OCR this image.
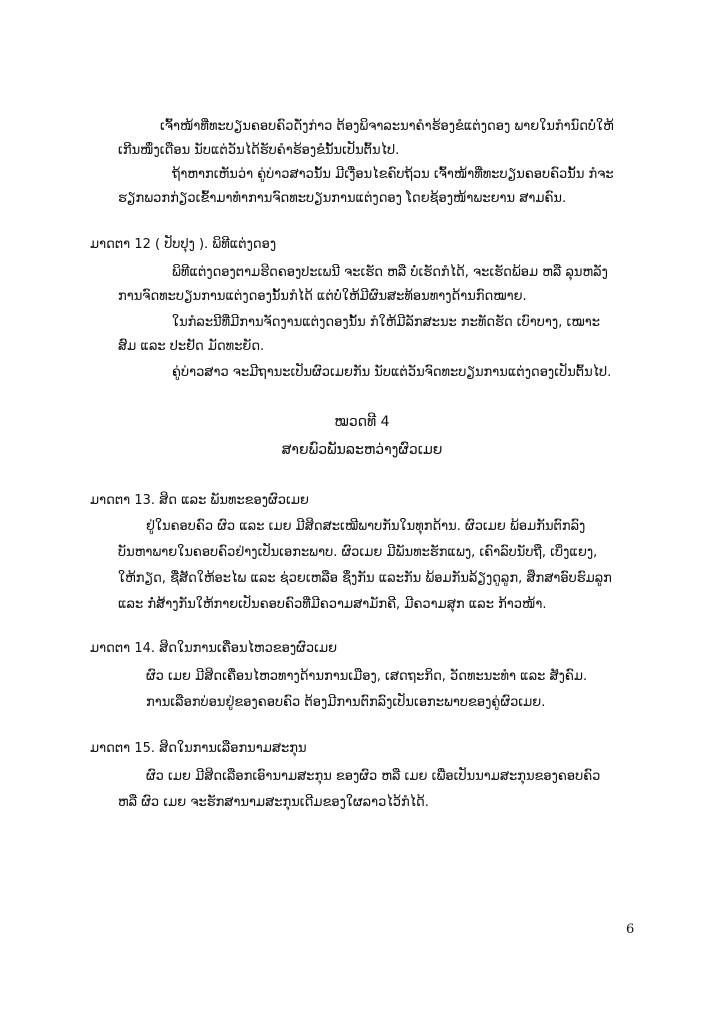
ເຈົ້າໜ້າທີ່ທະບຽນຄອບຄົວດັ່ງກ່າວ ຕ້ອງພິຈາລະນາຄຳຮ້ອງຂໍແຕ່ງດອງ ພາຍໃນກຳນົດບໍ່ໃຫ້
ເກີນໜຶ່ງເດືອນ ນັບແຕ່ວັນໄດ້ຮັບຄຳຮ້ອງຂໍນັ້ນເປັນຕົ້ນໄປ.
ຖ້າຫາກເຫັນວ່າ ຄູ່ບ່າວສາວນັ້ນ ມີເງື່ອນໄຂຄົບຖ້ວນ ເຈົ້າໜ້າທີ່ທະບຽນຄອບຄົວນັ້ນ ກໍຈະ
ຮຽກພວກກ່ຽວເຂົ້າມາທຳການຈົດທະບຽນການແຕ່ງດອງ ໂດຍຊ້ອງໜ້າພະຍານ ສາມຄົນ.
ມາດຕາ 12 ( ປັບປຸງ ). ພິທີແຕ່ງດອງ
ພິທີແຕ່ງດອງຕາມຮີດຄອງປະເພນີ ຈະເຮັດ ຫລື ບໍ່ເຮັດກໍໄດ້, ຈະເຮັດພ້ອມ ຫລື ລຸນຫລັງ
ການຈົດທະບຽນການແຕ່ງດອງນັ້ນກໍໄດ້ ແຕ່ບໍ່ໃຫ້ມີຜົນສະທ້ອນທາງດ້ານກົດໝາຍ.
ໃນກໍລະນີທີ່ມີການຈັດງານແຕ່ງດອງນັ້ນ ກໍໃຫ້ມີລັກສະນະ ກະທັດຮັດ ເບົາບາງ, ເໝາະ
ສົມ ແລະ ປະຢັດ ມັດທະຍັດ.
ຄູ່ບ່າວສາວ ຈະມີຖານະເປັນຜົວເມຍກັນ ນັບແຕ່ວັນຈົດທະບຽນການແຕ່ງດອງເປັນຕົ້ນໄປ.
ໝວດທີ 4
ສາຍພົວພັນລະຫວ່າງຜົວເມຍ
ມາດຕາ 13. ສິດ ແລະ ພັນທະຂອງຜົວເມຍ
ຢູ່ໃນຄອບຄົວ ຜົວ ແລະ ເມຍ ມີສິດສະເໝີພາບກັນໃນທຸກດ້ານ. ຜົວເມຍ ພ້ອມກັນຕົກລົງ
ບັນຫາພາຍໃນຄອບຄົວຢ່າງເປັນເອກະພາບ. ຜົວເມຍ ມີພັນທະຮັກແພງ, ເຄົາລົບນັບຖື, ເບິ່ງແຍງ,
ໃຫ້ກຽດ, ຊື່ສັດໃຫ້ອະໄພ ແລະ ຊ່ວຍເຫລືອ ຊຶ່ງກັນ ແລະກັນ ພ້ອມກັນລ້ຽງດູລູກ, ສຶກສາອົບຮົມລູກ
ແລະ ກໍ່ສ້າງກັນໃຫ້ກາຍເປັນຄອບຄົວທີ່ມີຄວາມສາມັກຄີ, ມີຄວາມສຸກ ແລະ ກ້າວໜ້າ.
ມາດຕາ 14. ສິດໃນການເຄື່ອນໄຫວຂອງຜົວເມຍ
ຜົວ ເມຍ ມີສິດເຄື່ອນໄຫວທາງດ້ານການເມືອງ, ເສດຖະກິດ, ວັດທະນະທຳ ແລະ ສັງຄົມ.
ການເລືອກບ່ອນຢູ່ຂອງຄອບຄົວ ຕ້ອງມີການຕົກລົງເປັນເອກະພາບຂອງຄູ່ຜົວເມຍ.
ມາດຕາ 15. ສິດໃນການເລືອກນາມສະກຸນ
ຜົວ ເມຍ ມີສິດເລືອກເອົານາມສະກຸນ ຂອງຜົວ ຫລື ເມຍ ເພື່ອເປັນນາມສະກຸນຂອງຄອບຄົວ
ຫລື ຜົວ ເມຍ ຈະຮັກສານາມສະກຸນເດີມຂອງໃຜລາວໄວ້ກໍໄດ້.
6
